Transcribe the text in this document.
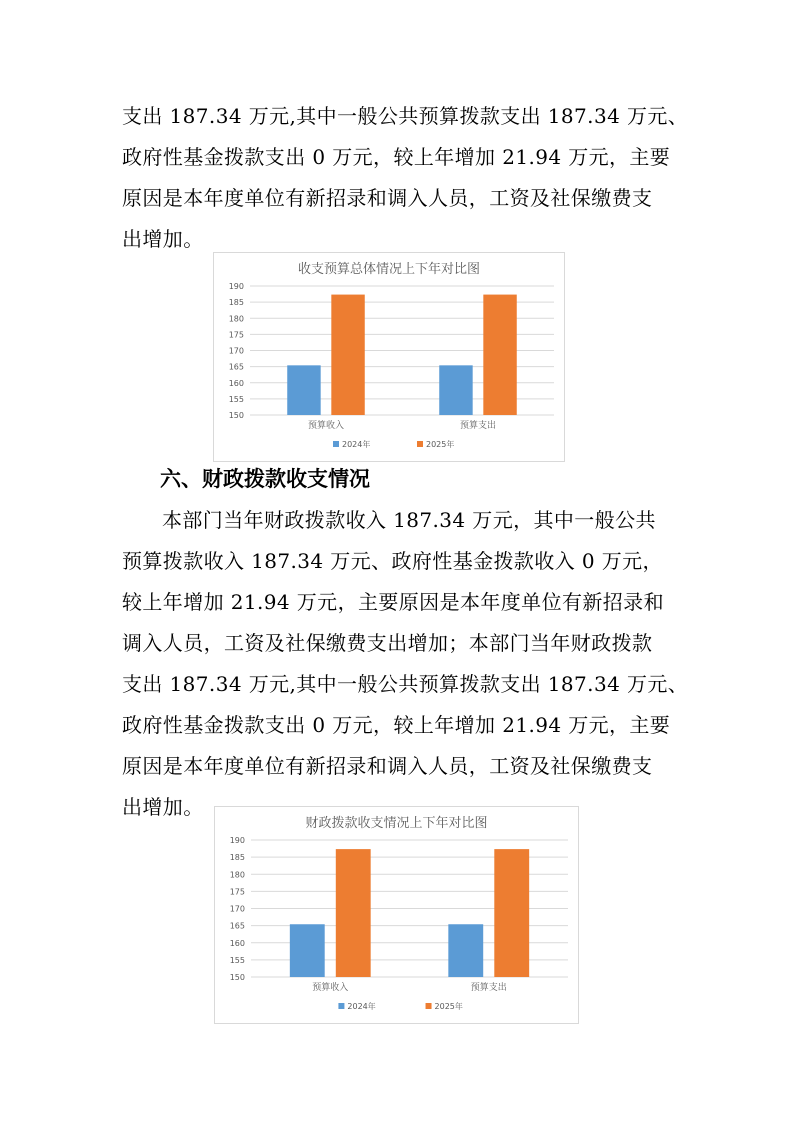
支出 187.34 万元,其中一般公共预算拨款支出 187.34 万元、
政府性基金拨款支出 0 万元，较上年增加 21.94 万元，主要
原因是本年度单位有新招录和调入人员，工资及社保缴费支
出增加。
收支预算总体情况上下年对比图
150
155
160
165
170
175
180
185
190
预算收入	预算支出
2024年	2025年
六、财政拨款收支情况
本部门当年财政拨款收入 187.34 万元，其中一般公共
预算拨款收入 187.34 万元、政府性基金拨款收入 0 万元，
较上年增加 21.94 万元，主要原因是本年度单位有新招录和
调入人员，工资及社保缴费支出增加；本部门当年财政拨款
支出 187.34 万元,其中一般公共预算拨款支出 187.34 万元、
政府性基金拨款支出 0 万元，较上年增加 21.94 万元，主要
原因是本年度单位有新招录和调入人员，工资及社保缴费支
出增加。
财政拨款收支情况上下年对比图
150
155
160
165
170
175
180
185
190
预算收入	预算支出
2024年	2025年
